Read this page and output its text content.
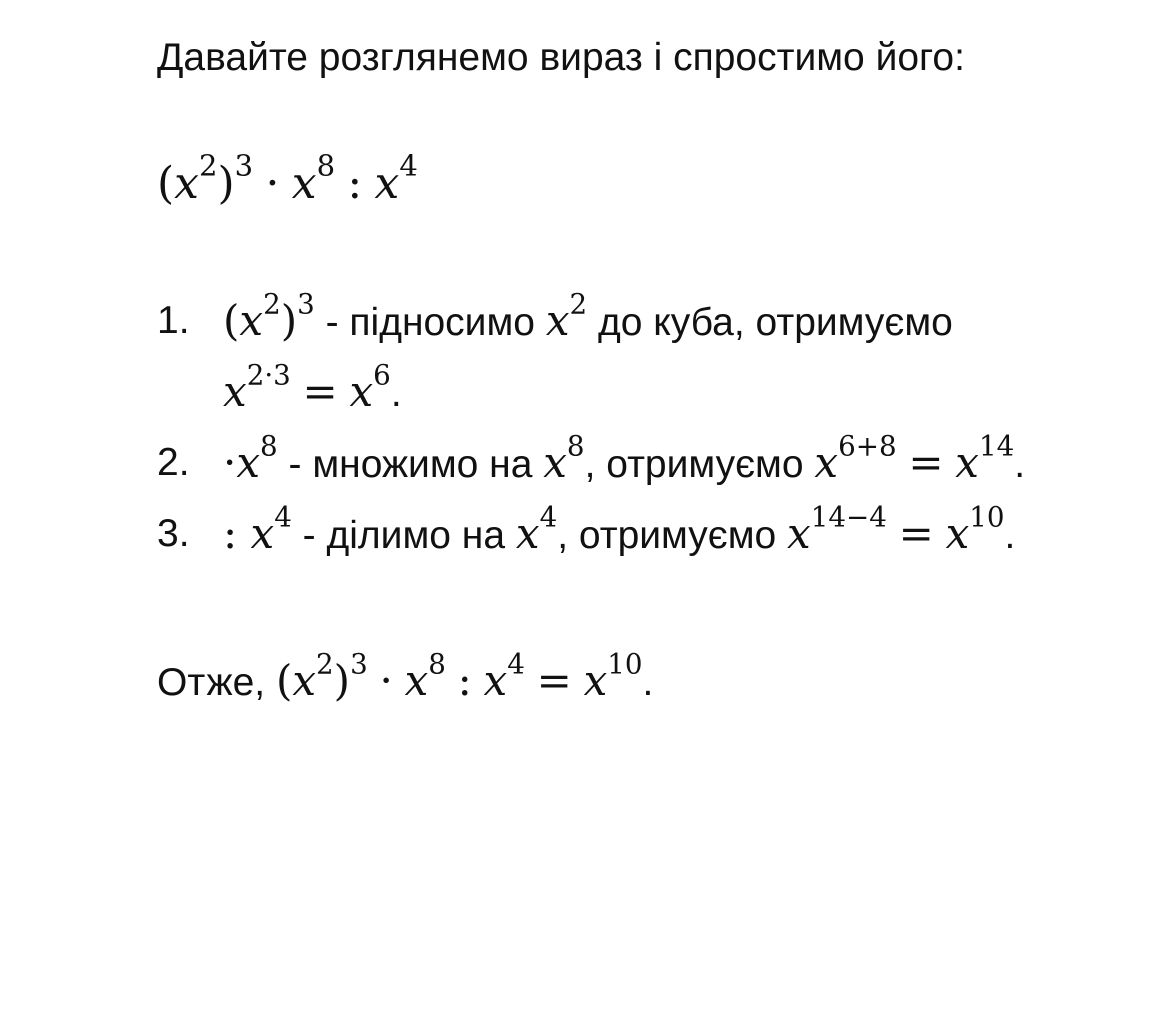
Давайте розглянемо вираз і спростимо його:

$(x^2)^3 \cdot x^8$ : $x^4$
1. $(x^2)^3$ - підносимо $x^2$ до куба, отримуємо $x^{2\cdot 3} = x^6$.
2. $\cdot x^8$ - множимо на $x^8$, отримуємо $x^{6+8} = x^{14}$.
3. : $x^4$ - ділимо на $x^4$, отримуємо $x^{14-4} = x^{10}$.

Отже, $(x^2)^3 \cdot x^8$ : $x^4 = x^{10}$.
